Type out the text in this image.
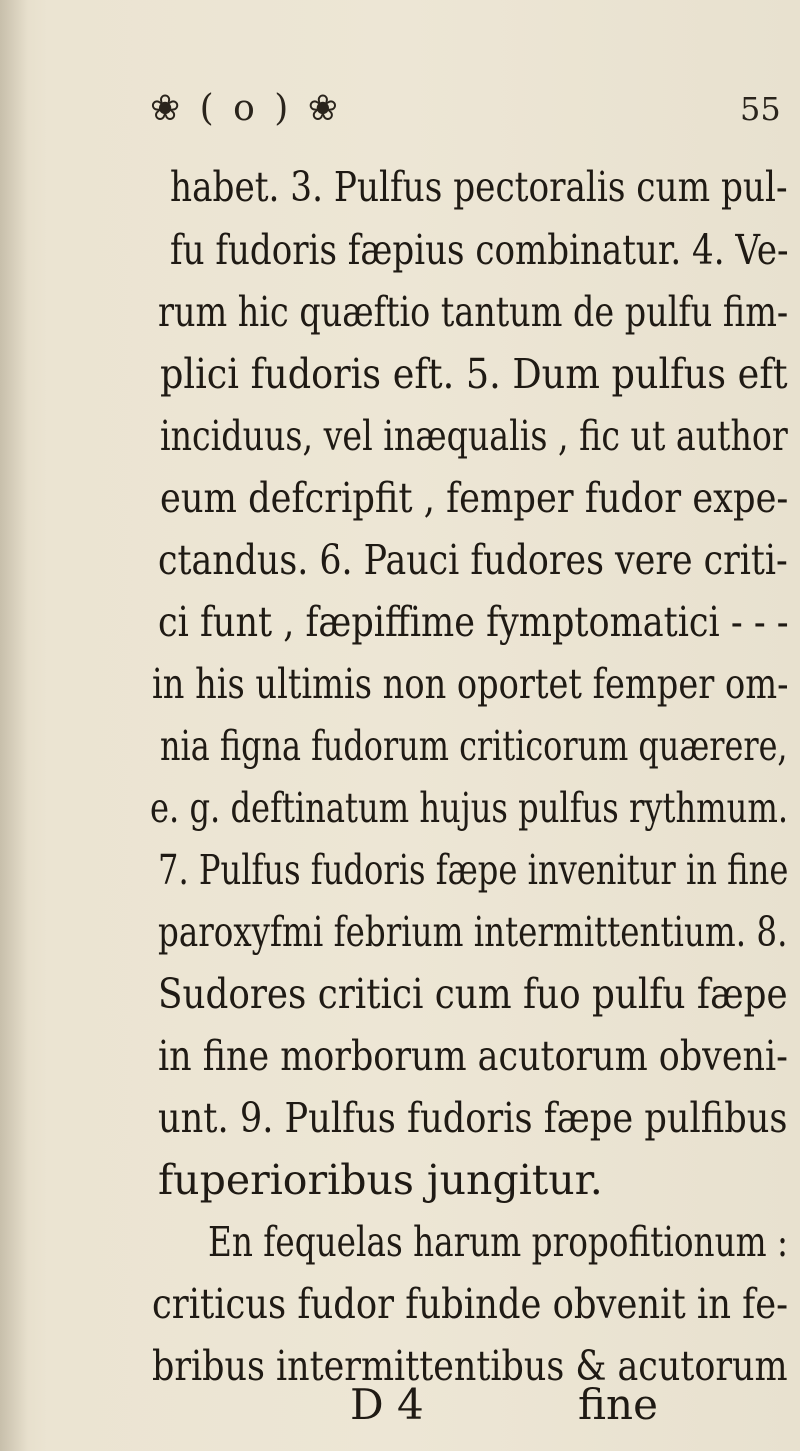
❀ ( o ) ❀	55
habet. 3. Pulfus pectoralis cum pul-
fu fudoris fæpius combinatur. 4. Ve-
rum hic quæftio tantum de pulfu fim-
plici fudoris eft. 5. Dum pulfus eft
inciduus, vel inæqualis , fic ut author
eum defcripfit , femper fudor expe-
ctandus. 6. Pauci fudores vere criti-
ci funt , fæpiffime fymptomatici - - -
in his ultimis non oportet femper om-
nia figna fudorum criticorum quærere,
e. g. deftinatum hujus pulfus rythmum.
7. Pulfus fudoris fæpe invenitur in fine
paroxyfmi febrium intermittentium. 8.
Sudores critici cum fuo pulfu fæpe
in fine morborum acutorum obveni-
unt. 9. Pulfus fudoris fæpe pulfibus
fuperioribus jungitur.
En fequelas harum propofitionum :
criticus fudor fubinde obvenit in fe-
bribus intermittentibus & acutorum
D 4	fine
